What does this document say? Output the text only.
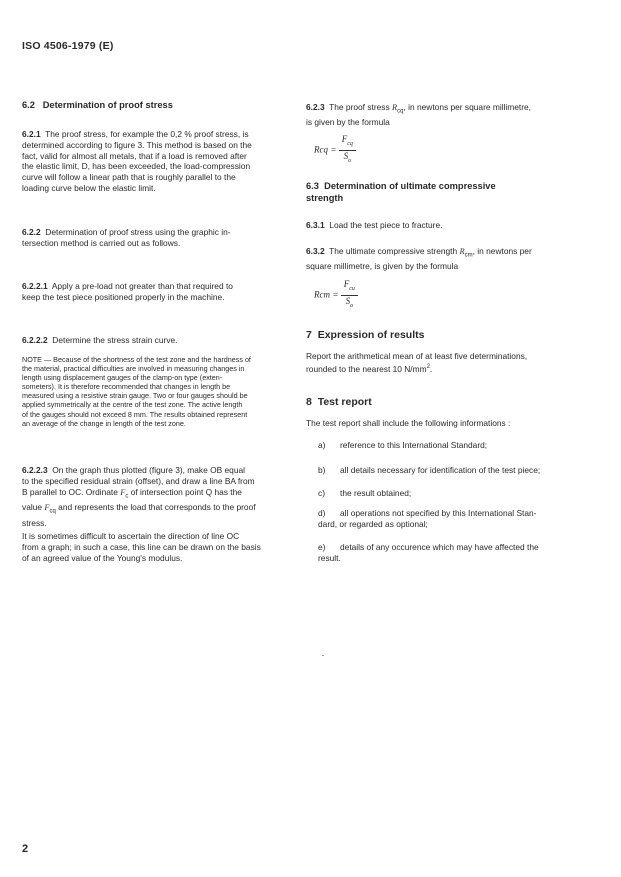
ISO 4506-1979 (E)
6.2 Determination of proof stress

6.2.1 The proof stress, for example the 0,2 % proof stress, is

determined according to figure 3. This method is based on the

fact, valid for almost all metals, that if a load is removed after

the elastic limit, D, has been exceeded, the load-compression

curve will follow a linear path that is roughly parallel to the

loading curve below the elastic limit.

6.2.2 Determination of proof stress using the graphic in-

tersection method is carried out as follows.

6.2.2.1 Apply a pre-load not greater than that required to

keep the test piece positioned properly in the machine.

6.2.2.2 Determine the stress strain curve.

NOTE — Because of the shortness of the test zone and the hardness of

the material, practical difficulties are involved in measuring changes in

length using displacement gauges of the clamp-on type (exten-

someters). It is therefore recommended that changes in length be

measured using a resistive strain gauge. Two or four gauges should be

applied symmetrically at the centre of the test zone. The active length

of the gauges should not exceed 8 mm. The results obtained represent

an average of the change in length of the test zone.

6.2.2.3 On the graph thus plotted (figure 3), make OB equal

to the specified residual strain (offset), and draw a line BA from

B parallel to OC. Ordinate $F_c$ of intersection point Q has the

value $F_{cq}$ and represents the load that corresponds to the proof

stress.

It is sometimes difficult to ascertain the direction of line OC

from a graph; in such a case, this line can be drawn on the basis

of an agreed value of the Young's modulus.

6.2.3 The proof stress $R_{cq}$, in newtons per square millimetre,

is given by the formula

Rcq = $\frac{F_{cq}}{S_o}$
6.3 Determination of ultimate compressive
strength

6.3.1 Load the test piece to fracture.

6.3.2 The ultimate compressive strength $R_{cm}$, in newtons per

square millimetre, is given by the formula

Rcm = $\frac{F_{cu}}{S_o}$
7 Expression of results

Report the arithmetical mean of at least five determinations,

rounded to the nearest 10 $N/mm^2$.

8 Test report

The test report shall include the following informations :

a)	reference to this International Standard;
b)	all details necessary for identification of the test piece;
c)	the result obtained;
d)	all operations not specified by this International Stan-

dard, or regarded as optional;

e)	details of any occurence which may have affected the

result.

2
